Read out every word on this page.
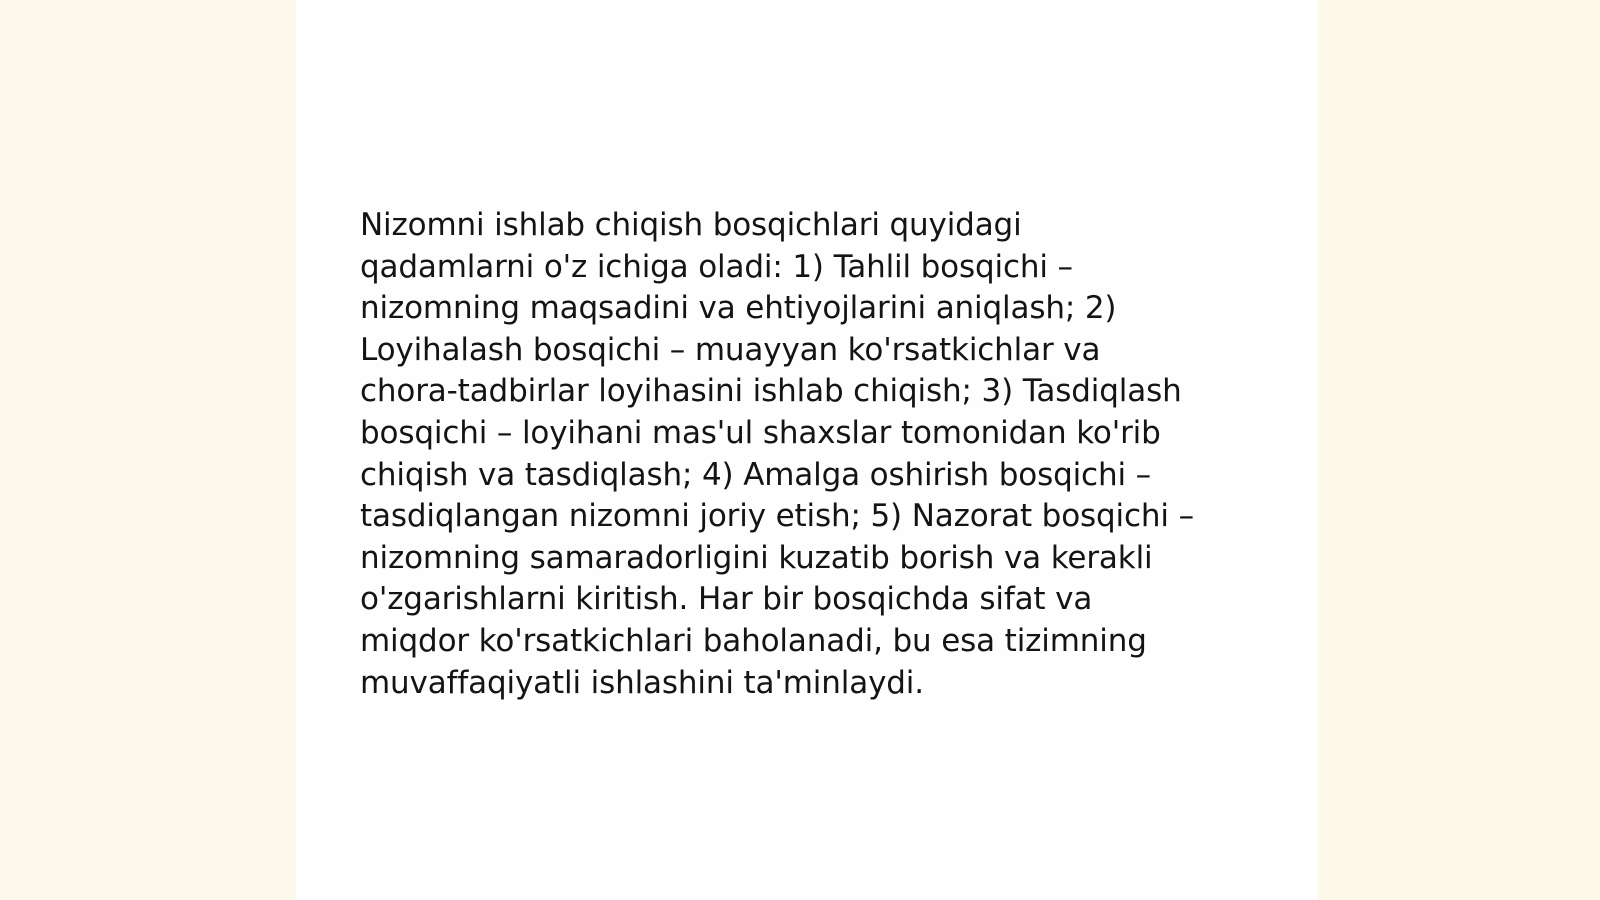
Nizomni ishlab chiqish bosqichlari quyidagi
qadamlarni o'z ichiga oladi: 1) Tahlil bosqichi –
nizomning maqsadini va ehtiyojlarini aniqlash; 2)
Loyihalash bosqichi – muayyan ko'rsatkichlar va
chora-tadbirlar loyihasini ishlab chiqish; 3) Tasdiqlash
bosqichi – loyihani mas'ul shaxslar tomonidan ko'rib
chiqish va tasdiqlash; 4) Amalga oshirish bosqichi –
tasdiqlangan nizomni joriy etish; 5) Nazorat bosqichi –
nizomning samaradorligini kuzatib borish va kerakli
o'zgarishlarni kiritish. Har bir bosqichda sifat va
miqdor ko'rsatkichlari baholanadi, bu esa tizimning
muvaffaqiyatli ishlashini ta'minlaydi.
